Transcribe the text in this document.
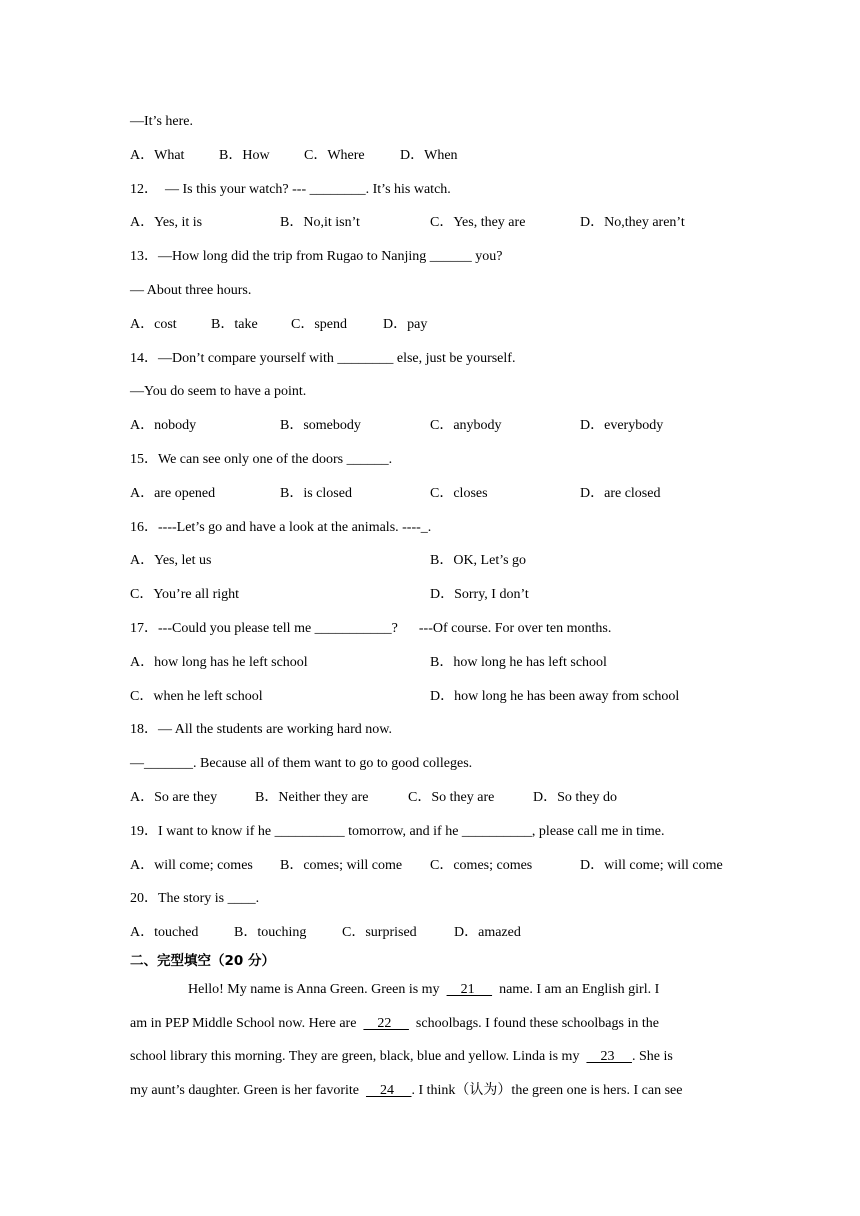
—It’s here.
A．What B．How C．Where	D．When
12．  — Is this your watch? --- ________. It’s his watch.
A．Yes, it is	B．No,it isn’t	C．Yes, they are	D．No,they aren’t
13．—How long did the trip from Rugao to Nanjing ______ you?
— About three hours.
A．cost B．take C．spend	D．pay
14．—Don’t compare yourself with ________ else, just be yourself.
—You do seem to have a point.
A．nobody	B．somebody	C．anybody	D．everybody
15．We can see only one of the doors ______.
A．are opened	B．is closed	C．closes	D．are closed
16．----Let’s go and have a look at the animals. ----_.
A．Yes, let us	B．OK, Let’s go
C．You’re all right	D．Sorry, I don’t
17．---Could you please tell me ___________?      ---Of course. For over ten months.
A．how long has he left school	B．how long he has left school
C．when he left school	D．how long he has been away from school
18．— All the students are working hard now.
—_______. Because all of them want to go to good colleges.
A．So are they	B．Neither they are	C．So they are	D．So they do
19．I want to know if he __________ tomorrow, and if he __________, please call me in time.
A．will come; comes B．comes; will come C．comes; comes	D．will come; will come
20．The story is ____.
A．touched	B．touching	C．surprised	D．amazed
二、完型填空（20 分）
Hello! My name is Anna Green. Green is my      21       name. I am an English girl. I
am in PEP Middle School now. Here are      22       schoolbags. I found these schoolbags in the
school library this morning. They are green, black, blue and yellow. Linda is my      23     . She is
my aunt’s daughter. Green is her favorite      24     . I think（认为）the green one is hers. I can see
